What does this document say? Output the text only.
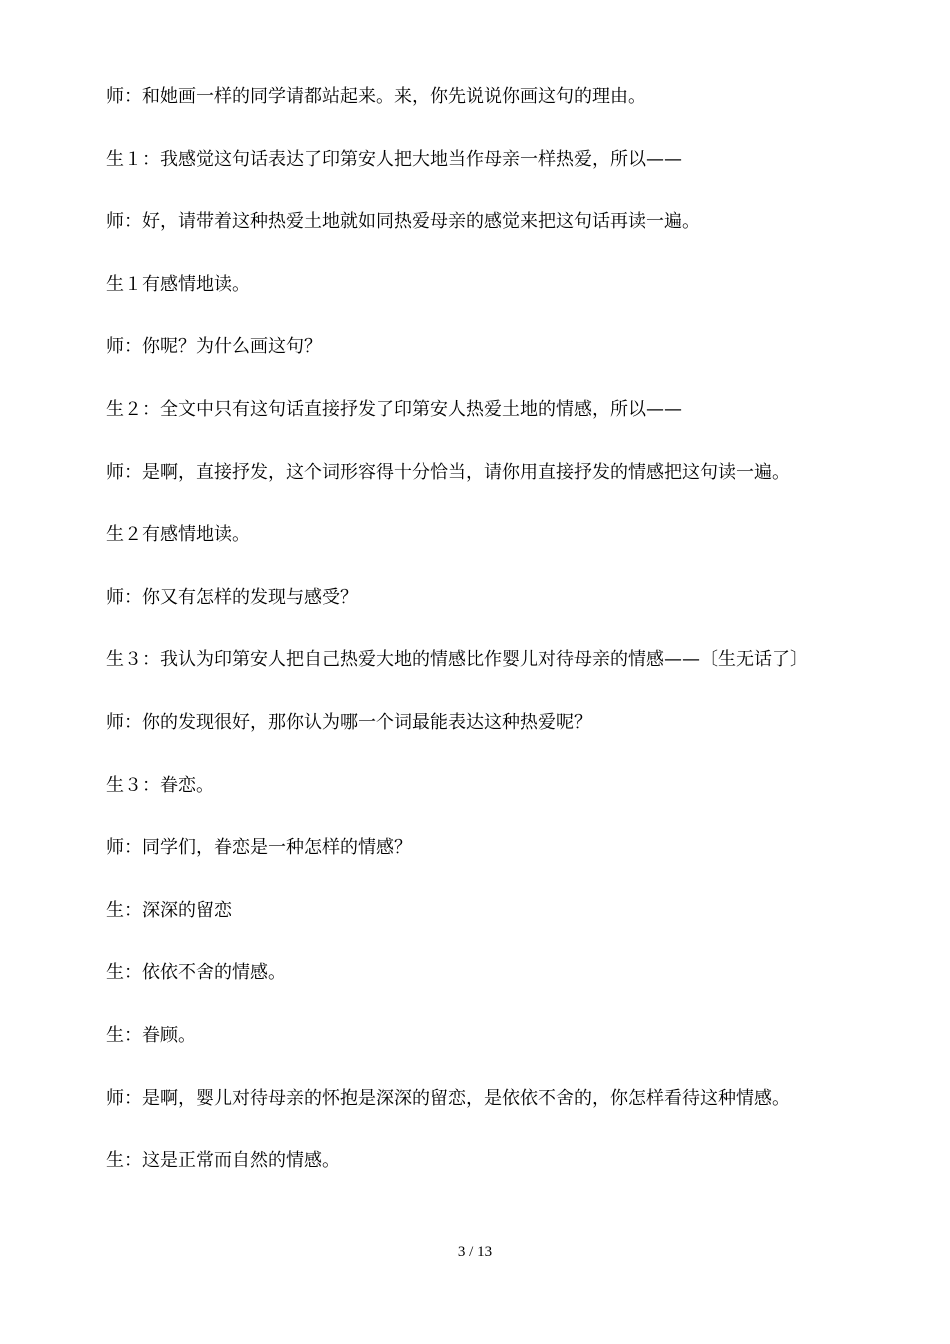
师：和她画一样的同学请都站起来。来，你先说说你画这句的理由。
生１：我感觉这句话表达了印第安人把大地当作母亲一样热爱，所以——
师：好，请带着这种热爱土地就如同热爱母亲的感觉来把这句话再读一遍。
生１有感情地读。
师：你呢？为什么画这句？
生２：全文中只有这句话直接抒发了印第安人热爱土地的情感，所以——
师：是啊，直接抒发，这个词形容得十分恰当，请你用直接抒发的情感把这句读一遍。
生２有感情地读。
师：你又有怎样的发现与感受？
生３：我认为印第安人把自己热爱大地的情感比作婴儿对待母亲的情感——〔生无话了〕
师：你的发现很好，那你认为哪一个词最能表达这种热爱呢？
生３：眷恋。
师：同学们，眷恋是一种怎样的情感？
生：深深的留恋
生：依依不舍的情感。
生：眷顾。
师：是啊，婴儿对待母亲的怀抱是深深的留恋，是依依不舍的，你怎样看待这种情感。
生：这是正常而自然的情感。
3 / 13
